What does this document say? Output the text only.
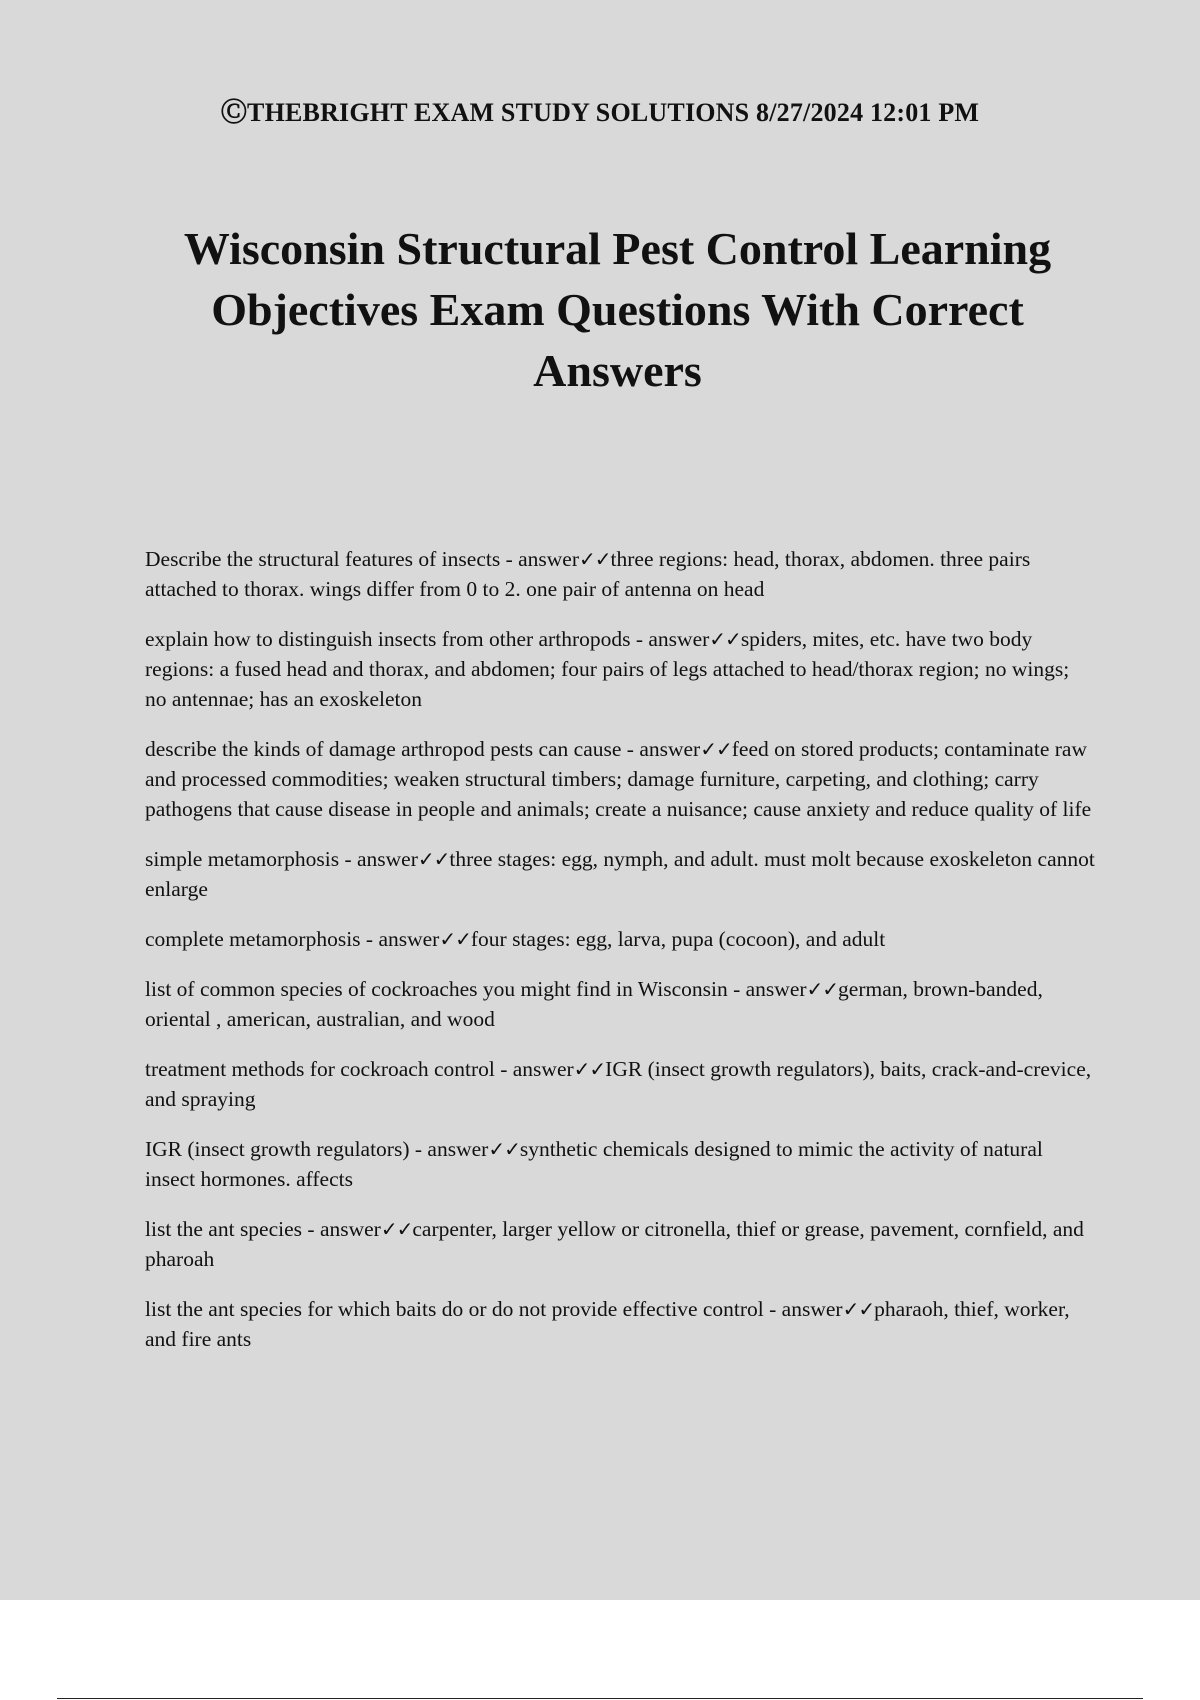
ⒸTHEBRIGHT EXAM STUDY SOLUTIONS 8/27/2024 12:01 PM
Wisconsin Structural Pest Control Learning Objectives Exam Questions With Correct Answers
Describe the structural features of insects - answer✓✓three regions: head, thorax, abdomen. three pairs attached to thorax. wings differ from 0 to 2. one pair of antenna on head
explain how to distinguish insects from other arthropods - answer✓✓spiders, mites, etc. have two body regions: a fused head and thorax, and abdomen; four pairs of legs attached to head/thorax region; no wings; no antennae; has an exoskeleton
describe the kinds of damage arthropod pests can cause - answer✓✓feed on stored products; contaminate raw and processed commodities; weaken structural timbers; damage furniture, carpeting, and clothing; carry pathogens that cause disease in people and animals; create a nuisance; cause anxiety and reduce quality of life
simple metamorphosis - answer✓✓three stages: egg, nymph, and adult. must molt because exoskeleton cannot enlarge
complete metamorphosis - answer✓✓four stages: egg, larva, pupa (cocoon), and adult
list of common species of cockroaches you might find in Wisconsin - answer✓✓german, brown-banded, oriental , american, australian, and wood
treatment methods for cockroach control - answer✓✓IGR (insect growth regulators), baits, crack-and-crevice, and spraying
IGR (insect growth regulators) - answer✓✓synthetic chemicals designed to mimic the activity of natural insect hormones. affects
list the ant species - answer✓✓carpenter, larger yellow or citronella, thief or grease, pavement, cornfield, and pharoah
list the ant species for which baits do or do not provide effective control - answer✓✓pharaoh, thief, worker, and fire ants
